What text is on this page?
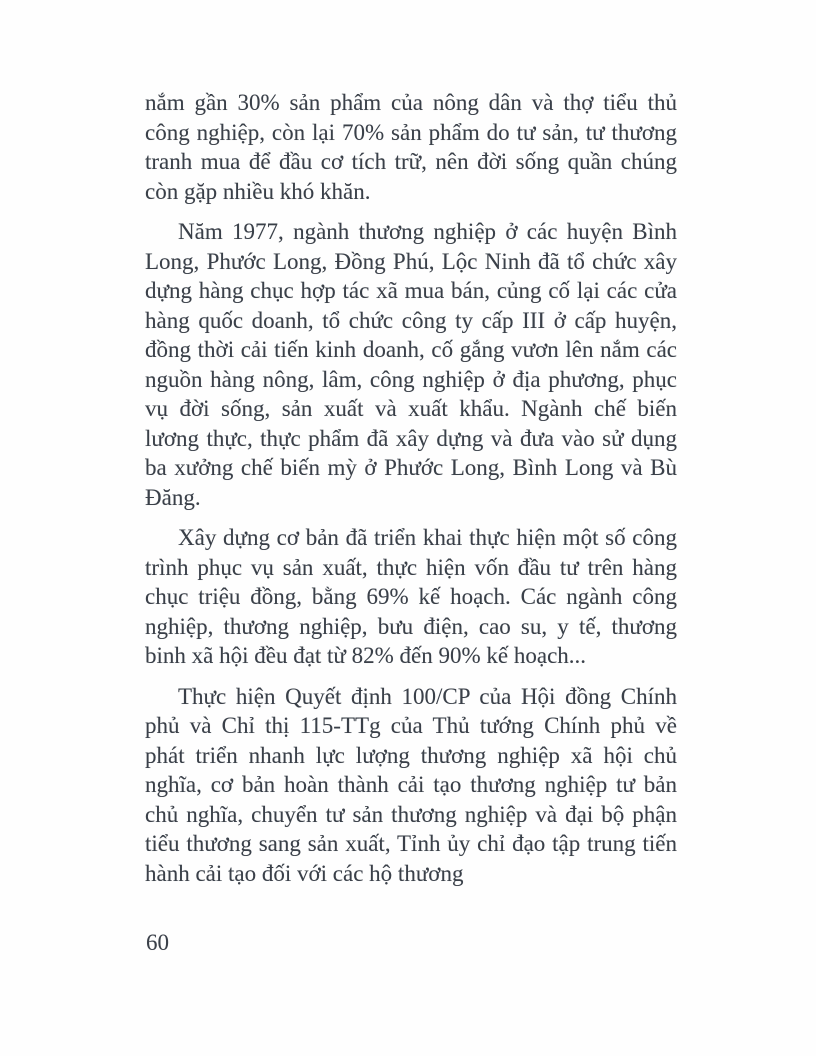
nắm gần 30% sản phẩm của nông dân và thợ tiểu thủ công nghiệp, còn lại 70% sản phẩm do tư sản, tư thương tranh mua để đầu cơ tích trữ, nên đời sống quần chúng còn gặp nhiều khó khăn.

Năm 1977, ngành thương nghiệp ở các huyện Bình Long, Phước Long, Đồng Phú, Lộc Ninh đã tổ chức xây dựng hàng chục hợp tác xã mua bán, củng cố lại các cửa hàng quốc doanh, tổ chức công ty cấp III ở cấp huyện, đồng thời cải tiến kinh doanh, cố gắng vươn lên nắm các nguồn hàng nông, lâm, công nghiệp ở địa phương, phục vụ đời sống, sản xuất và xuất khẩu. Ngành chế biến lương thực, thực phẩm đã xây dựng và đưa vào sử dụng ba xưởng chế biến mỳ ở Phước Long, Bình Long và Bù Đăng.

Xây dựng cơ bản đã triển khai thực hiện một số công trình phục vụ sản xuất, thực hiện vốn đầu tư trên hàng chục triệu đồng, bằng 69% kế hoạch. Các ngành công nghiệp, thương nghiệp, bưu điện, cao su, y tế, thương binh xã hội đều đạt từ 82% đến 90% kế hoạch...

Thực hiện Quyết định 100/CP của Hội đồng Chính phủ và Chỉ thị 115-TTg của Thủ tướng Chính phủ về phát triển nhanh lực lượng thương nghiệp xã hội chủ nghĩa, cơ bản hoàn thành cải tạo thương nghiệp tư bản chủ nghĩa, chuyển tư sản thương nghiệp và đại bộ phận tiểu thương sang sản xuất, Tỉnh ủy chỉ đạo tập trung tiến hành cải tạo đối với các hộ thương

60
